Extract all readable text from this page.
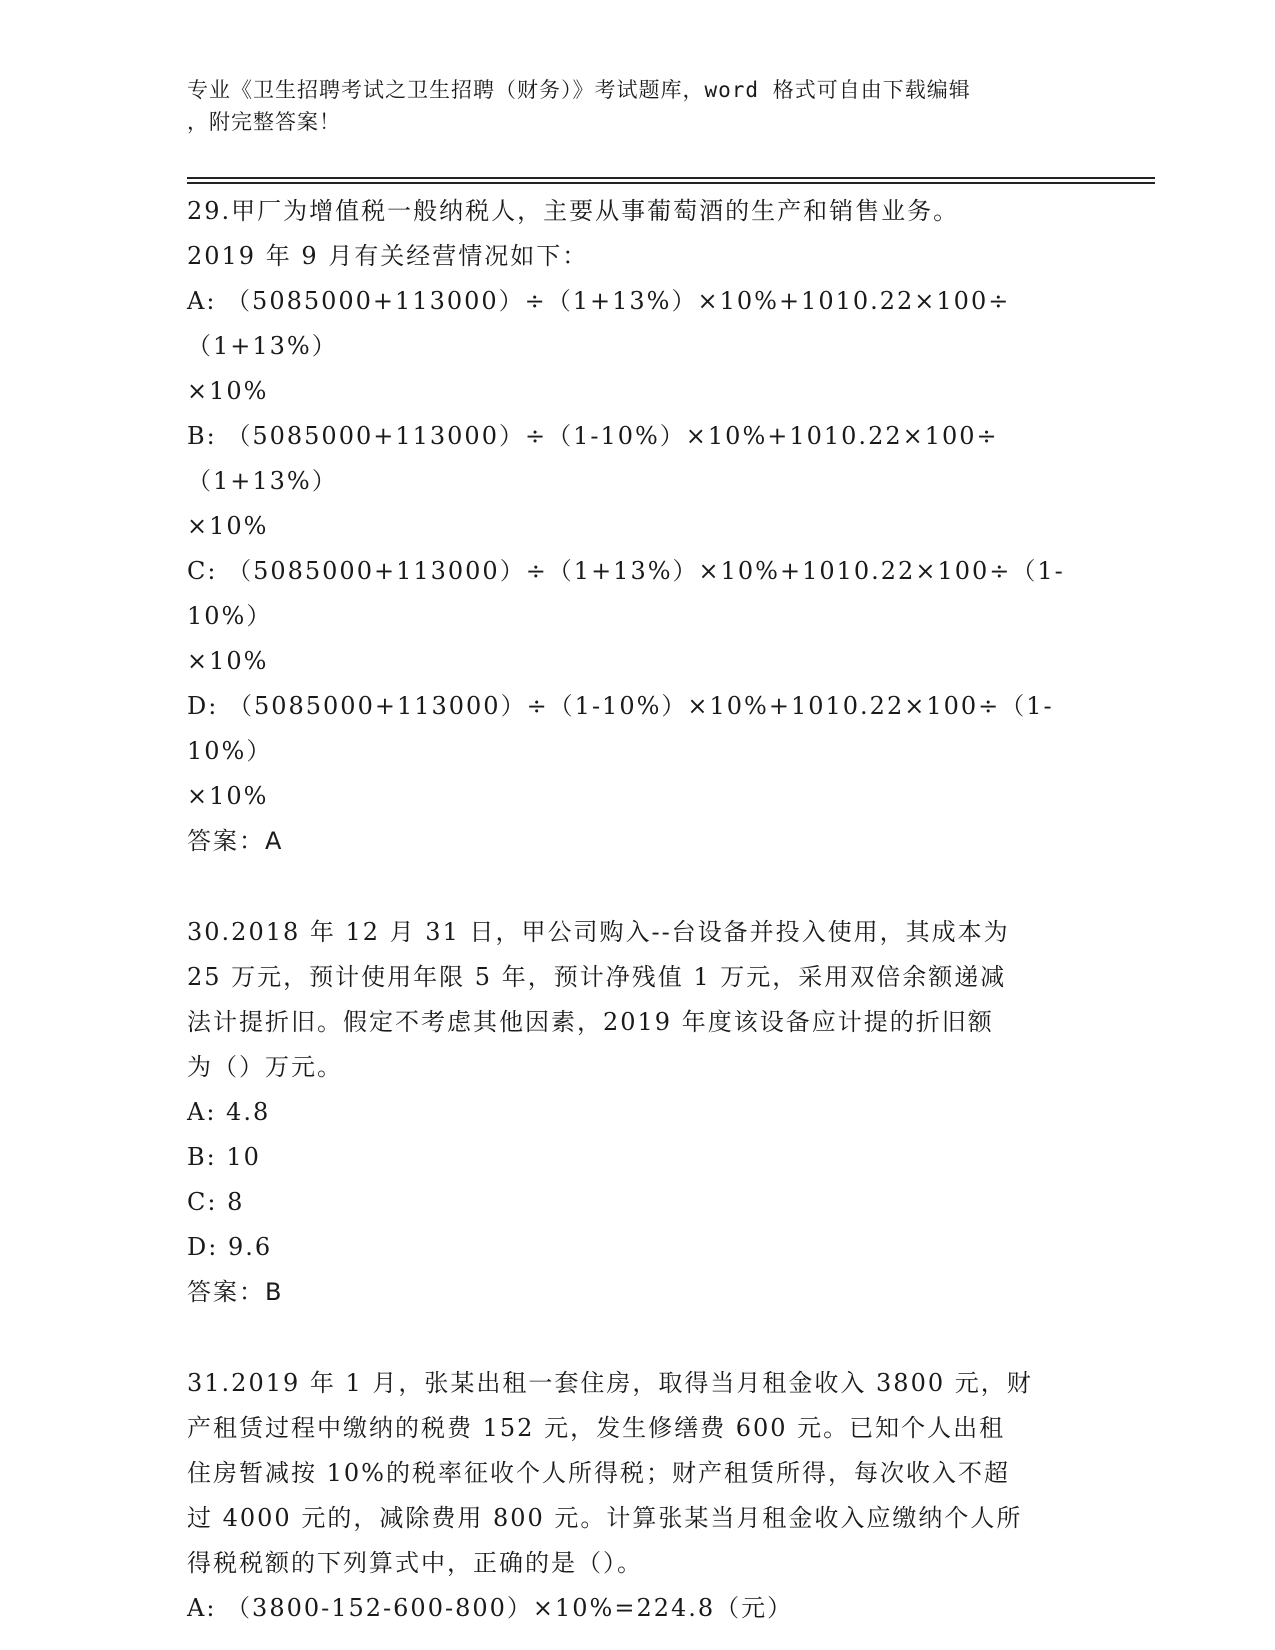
专业《卫生招聘考试之卫生招聘（财务）》考试题库，word 格式可自由下载编辑
，附完整答案！

29.甲厂为增值税一般纳税人，主要从事葡萄酒的生产和销售业务。

2019 年 9 月有关经营情况如下：

A: （5085000+113000）÷（1+13%）×10%+1010.22×100÷（1+13%）

×10%

B: （5085000+113000）÷（1-10%）×10%+1010.22×100÷（1+13%）

×10%

C: （5085000+113000）÷（1+13%）×10%+1010.22×100÷（1-10%）

×10%

D: （5085000+113000）÷（1-10%）×10%+1010.22×100÷（1-10%）

×10%

答案：A

30.2018 年 12 月 31 日，甲公司购入--台设备并投入使用，其成本为

25 万元，预计使用年限 5 年，预计净残值 1 万元，采用双倍余额递减

法计提折旧。假定不考虑其他因素，2019 年度该设备应计提的折旧额

为（）万元。

A: 4.8

B: 10

C: 8

D: 9.6

答案：B

31.2019 年 1 月，张某出租一套住房，取得当月租金收入 3800 元，财

产租赁过程中缴纳的税费 152 元，发生修缮费 600 元。已知个人出租

住房暂减按 10%的税率征收个人所得税；财产租赁所得，每次收入不超

过 4000 元的，减除费用 800 元。计算张某当月租金收入应缴纳个人所

得税税额的下列算式中，正确的是（）。

A: （3800-152-600-800）×10%=224.8（元）
